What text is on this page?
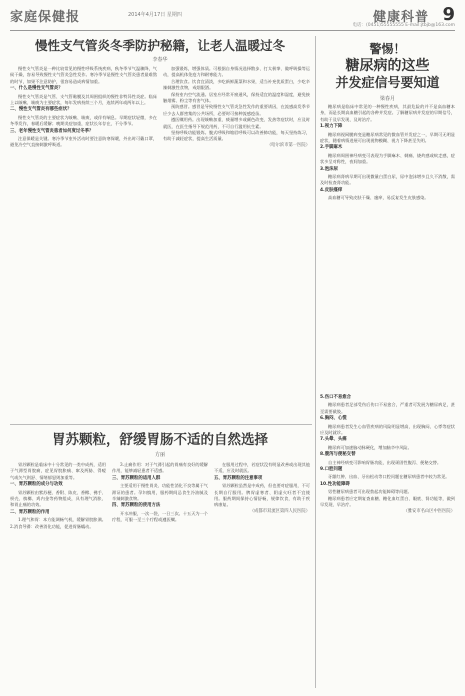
家庭保健报	2014年4月17日 星期四	健康科普 9
电话：(0451)55555555 E-mail:jtbjb@163.com
慢性支气管炎冬季防护秘籍，让老人温暖过冬
李春华

慢性支气管炎是一种比较常见的慢性呼吸系统疾病，秋冬季节气温骤降，气候干燥，容易导致慢性支气管炎急性发作。寒冷季节是慢性支气管炎患者最难熬的时节，如果不注意防护，很容易造成病情加重。

一、什么是慢性支气管炎？

慢性支气管炎是气管、支气管黏膜及其周围组织的慢性非特异性炎症。临床上以咳嗽、咳痰为主要症状，每年发病持续三个月，连续两年或两年以上。

二、慢性支气管炎有哪些症状？

慢性支气管炎的主要症状为咳嗽、咳痰，或伴有喘息。早期症状轻微，多在冬季发作，春暖后缓解；晚期炎症加重，症状长年存在，不分季节。

三、老年慢性支气管炎患者如何度过冬季？

注意保暖是关键。寒冷季节室外活动时要注意防寒保暖，外出时可戴口罩，避免冷空气直接刺激呼吸道。

加强锻炼，增强体质。可根据自身情况选择散步、打太极拳、做呼吸操等运动，提高机体免疫力和耐寒能力。

合理饮食。饮食宜清淡，多吃新鲜蔬菜和水果，适当补充优质蛋白，少吃辛辣刺激性食物，戒烟限酒。

保持室内空气流通。居室应经常开窗通风，保持适宜的温度和湿度，避免接触烟雾、粉尘等有害气体。

预防感冒。感冒是导致慢性支气管炎急性发作的重要诱因，在流感高发季节应少去人群密集的公共场所，必要时可接种流感疫苗。

遵医嘱用药。出现咳嗽加重、痰量增多或颜色改变、发热等症状时，应及时就医，在医生指导下规范用药，不可自行滥用抗生素。

坚持呼吸功能锻炼。腹式呼吸和缩唇呼吸可以改善肺功能，每天坚持练习，有助于减轻症状，提高生活质量。

（哈尔滨市第一医院）

胃苏颗粒，舒缓胃肠不适的自然选择
方丽

胃苏颗粒是临床中十分常见的一类中成药，适用于气滞型胃脘痛，症见胃脘胀痛、窜及两胁、得嗳气或矢气则舒、情绪郁怒则加重等。

一、胃苏颗粒的成分与功效

胃苏颗粒由紫苏梗、香附、陈皮、香橼、佛手、枳壳、槟榔、鸡内金等药物组成，具有理气消胀、和胃止痛的功效。

二、胃苏颗粒的作用

1.理气和胃：本方能调畅气机，缓解胃脘胀满。2.消食导滞：改善消化功能，促进胃肠蠕动。

3.止痛作用：对于气滞引起的胃痛有良好的缓解作用，能够减轻患者不适感。

三、胃苏颗粒的适用人群

主要适用于慢性胃炎、功能性消化不良等属于气滞证的患者。孕妇慎用，服药期间忌食生冷油腻及辛辣刺激食物。

四、胃苏颗粒的使用方法

开水冲服，一次一袋，一日三次。十五天为一个疗程，可服一至三个疗程或遵医嘱。

在服用过程中，若症状没有明显改善或出现其他不适，应及时就医。

五、胃苏颗粒的注意事项

胃苏颗粒虽然是中成药，但也要对症服用，不可长期自行服用。脾胃虚寒者、阴虚火旺者不宜使用。服药期间保持心情舒畅，规律饮食，有助于疾病康复。

（成都市双流区第四人民医院）

警惕！
糖尿病的这些
并发症信号要知道
梁春月

糖尿病是临床中常见的一种慢性疾病，其最危险的并不是高血糖本身，而是长期高血糖引起的各种并发症。了解糖尿病并发症的早期信号，有助于及早发现、及时治疗。

1.视力下降

糖尿病视网膜病变是糖尿病常见的微血管并发症之一，早期可无明显症状，随着病情进展可出现视物模糊、视力下降甚至失明。

2.手脚麻木

糖尿病周围神经病变可表现为手脚麻木、刺痛、烧灼感或蚁走感，症状多呈对称性，夜间加重。

3.泡沫尿

糖尿病肾病早期可出现微量白蛋白尿，尿中泡沫增多且久不消散，需及时检查肾功能。

4.皮肤瘙痒

高血糖可导致皮肤干燥、瘙痒，易反复发生皮肤感染。

5.伤口不易愈合

糖尿病患者足部受伤后伤口不易愈合，严重者可发展为糖尿病足，甚至需要截肢。

6.胸闷、心慌

糖尿病患者发生心血管疾病的风险明显增高，出现胸闷、心悸等症状应及时就诊。

7.头晕、头痛

糖尿病可加速脑动脉硬化，增加脑卒中风险。

8.腹泻与便秘交替

自主神经病变可影响胃肠功能，出现顽固性腹泻、便秘交替。

9.口腔问题

牙龈红肿、出血、牙齿松动等口腔问题在糖尿病患者中较为常见。

10.性功能障碍

男性糖尿病患者可出现勃起功能障碍等问题。

糖尿病患者应定期复查血糖、糖化血红蛋白、眼底、肾功能等，做到早发现、早治疗。

（雅安市名山区中医医院）
